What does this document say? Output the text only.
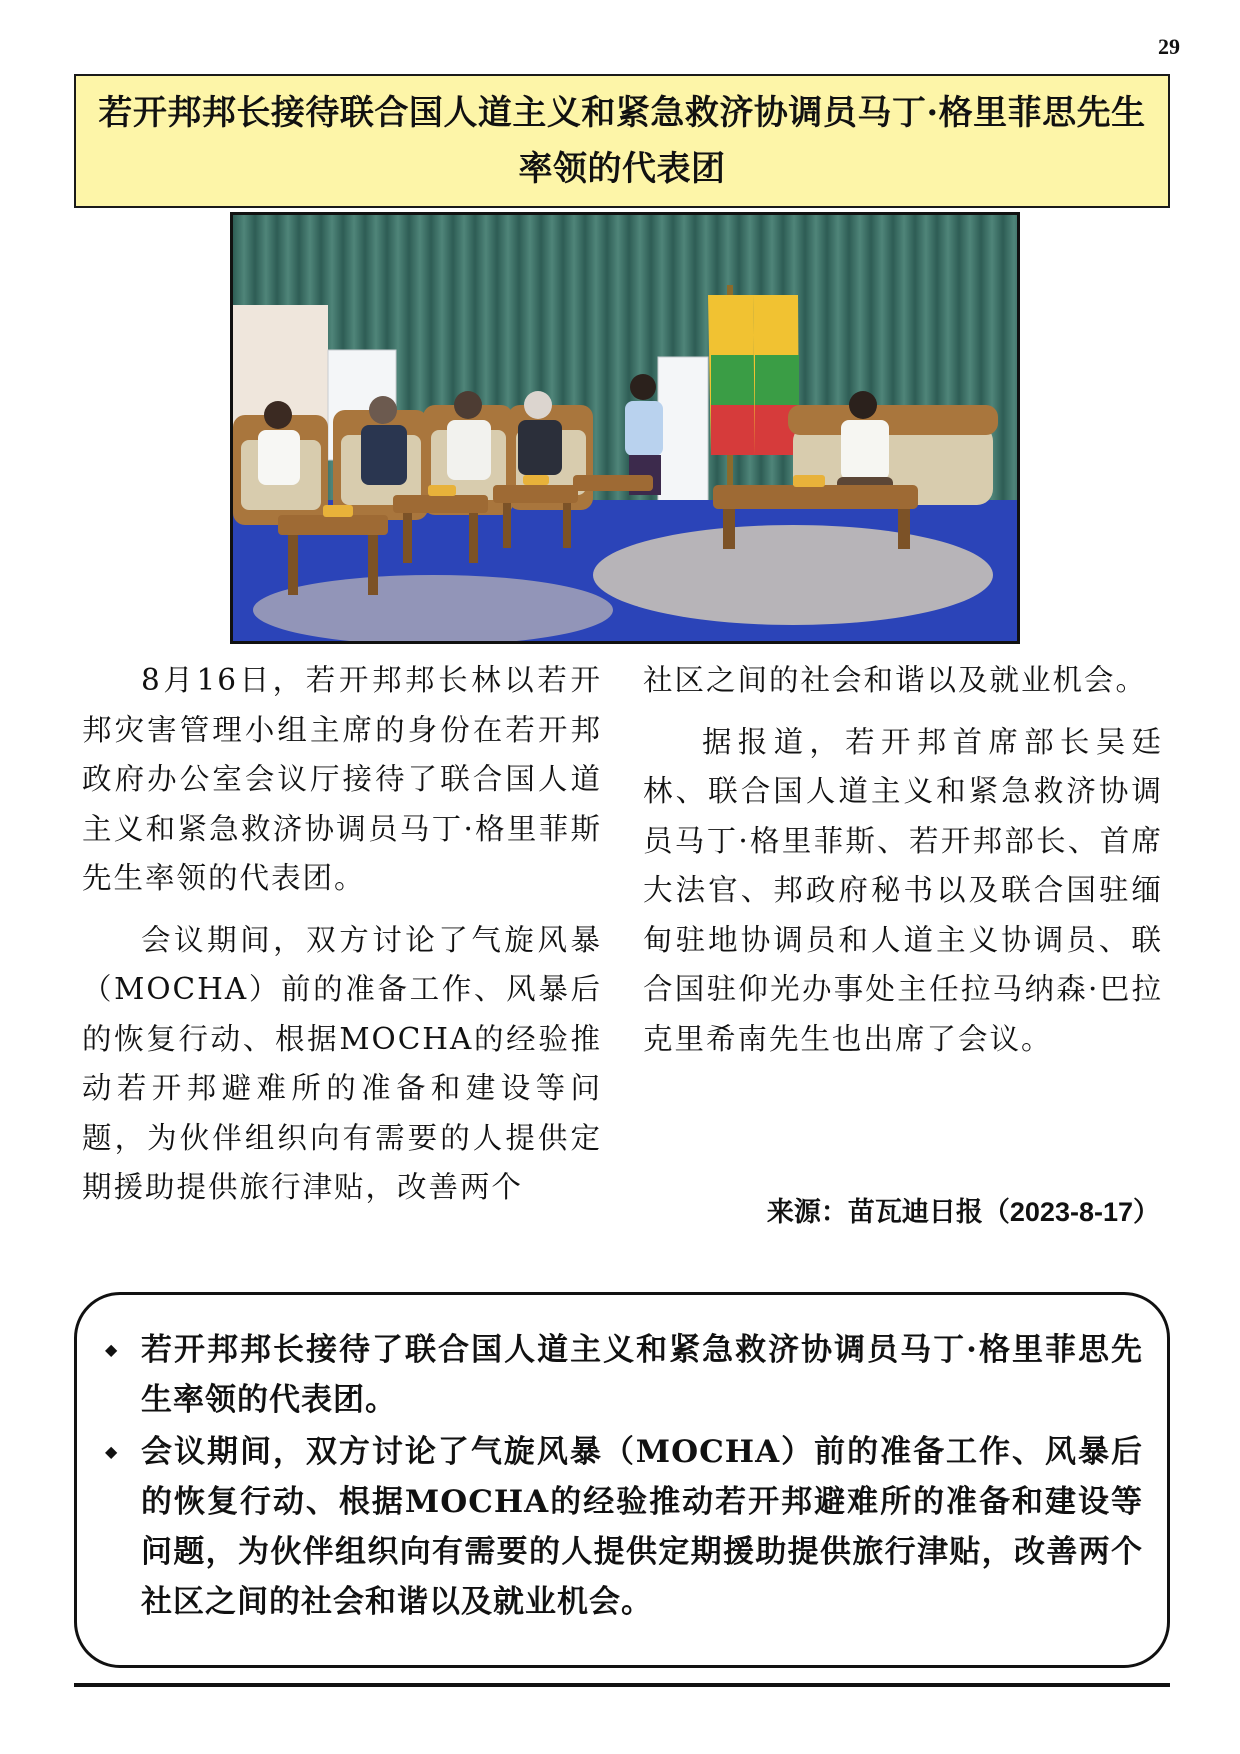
29
若开邦邦长接待联合国人道主义和紧急救济协调员马丁·格里菲思先生率领的代表团

8月16日，若开邦邦长林以若开邦灾害管理小组主席的身份在若开邦政府办公室会议厅接待了联合国人道主义和紧急救济协调员马丁·格里菲斯先生率领的代表团。

会议期间，双方讨论了气旋风暴（MOCHA）前的准备工作、风暴后的恢复行动、根据MOCHA的经验推动若开邦避难所的准备和建设等问题，为伙伴组织向有需要的人提供定期援助提供旅行津贴，改善两个

社区之间的社会和谐以及就业机会。

据报道，若开邦首席部长吴廷林、联合国人道主义和紧急救济协调员马丁·格里菲斯、若开邦部长、首席大法官、邦政府秘书以及联合国驻缅甸驻地协调员和人道主义协调员、联合国驻仰光办事处主任拉马纳森·巴拉克里希南先生也出席了会议。

来源：苗瓦迪日报（2023-8-17）
◆ 若开邦邦长接待了联合国人道主义和紧急救济协调员马丁·格里菲思先生率领的代表团。
◆ 会议期间，双方讨论了气旋风暴（MOCHA）前的准备工作、风暴后的恢复行动、根据MOCHA的经验推动若开邦避难所的准备和建设等问题，为伙伴组织向有需要的人提供定期援助提供旅行津贴，改善两个社区之间的社会和谐以及就业机会。
